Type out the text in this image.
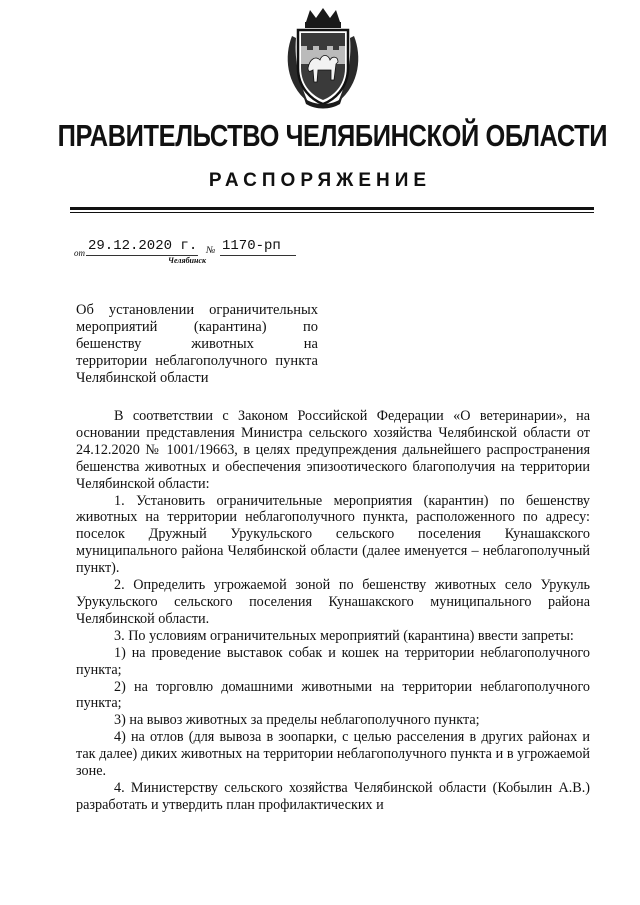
ПРАВИТЕЛЬСТВО ЧЕЛЯБИНСКОЙ ОБЛАСТИ
РАСПОРЯЖЕНИЕ
от 29.12.2020 г. № 1170-рп
Челябинск

Об установлении ограничительных

мероприятий (карантина) по

бешенству животных на

территории неблагополучного пункта

Челябинской области

В соответствии с Законом Российской Федерации «О ветеринарии», на основании представления Министра сельского хозяйства Челябинской области от 24.12.2020 № 1001/19663, в целях предупреждения дальнейшего распространения бешенства животных и обеспечения эпизоотического благополучия на территории Челябинской области:

1. Установить ограничительные мероприятия (карантин) по бешенству животных на территории неблагополучного пункта, расположенного по адресу: поселок Дружный Урукульского сельского поселения Кунашакского муниципального района Челябинской области (далее именуется – неблагополучный пункт).

2. Определить угрожаемой зоной по бешенству животных село Урукуль Урукульского сельского поселения Кунашакского муниципального района Челябинской области.

3. По условиям ограничительных мероприятий (карантина) ввести запреты:

1) на проведение выставок собак и кошек на территории неблагополучного пункта;

2) на торговлю домашними животными на территории неблагополучного пункта;

3) на вывоз животных за пределы неблагополучного пункта;

4) на отлов (для вывоза в зоопарки, с целью расселения в других районах и так далее) диких животных на территории неблагополучного пункта и в угрожаемой зоне.

4. Министерству сельского хозяйства Челябинской области (Кобылин А.В.) разработать и утвердить план профилактических и
